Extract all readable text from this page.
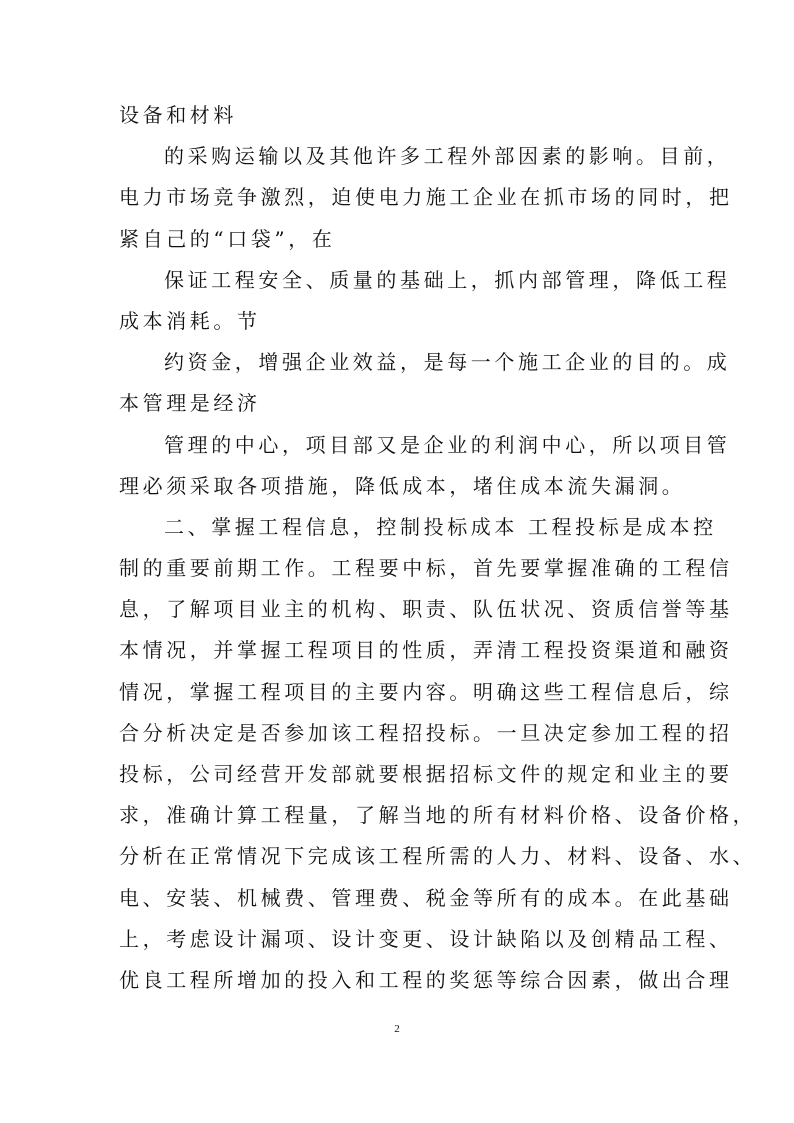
设备和材料
的采购运输以及其他许多工程外部因素的影响。目前，
电力市场竞争激烈，迫使电力施工企业在抓市场的同时，把
紧自己的“口袋”，在
保证工程安全、质量的基础上，抓内部管理，降低工程
成本消耗。节
约资金，增强企业效益，是每一个施工企业的目的。成
本管理是经济
管理的中心，项目部又是企业的利润中心，所以项目管
理必须采取各项措施，降低成本，堵住成本流失漏洞。
二、掌握工程信息，控制投标成本 工程投标是成本控
制的重要前期工作。工程要中标，首先要掌握准确的工程信
息，了解项目业主的机构、职责、队伍状况、资质信誉等基
本情况，并掌握工程项目的性质，弄清工程投资渠道和融资
情况，掌握工程项目的主要内容。明确这些工程信息后，综
合分析决定是否参加该工程招投标。一旦决定参加工程的招
投标，公司经营开发部就要根据招标文件的规定和业主的要
求，准确计算工程量，了解当地的所有材料价格、设备价格，
分析在正常情况下完成该工程所需的人力、材料、设备、水、
电、安装、机械费、管理费、税金等所有的成本。在此基础
上，考虑设计漏项、设计变更、设计缺陷以及创精品工程、
优良工程所增加的投入和工程的奖惩等综合因素，做出合理
2
